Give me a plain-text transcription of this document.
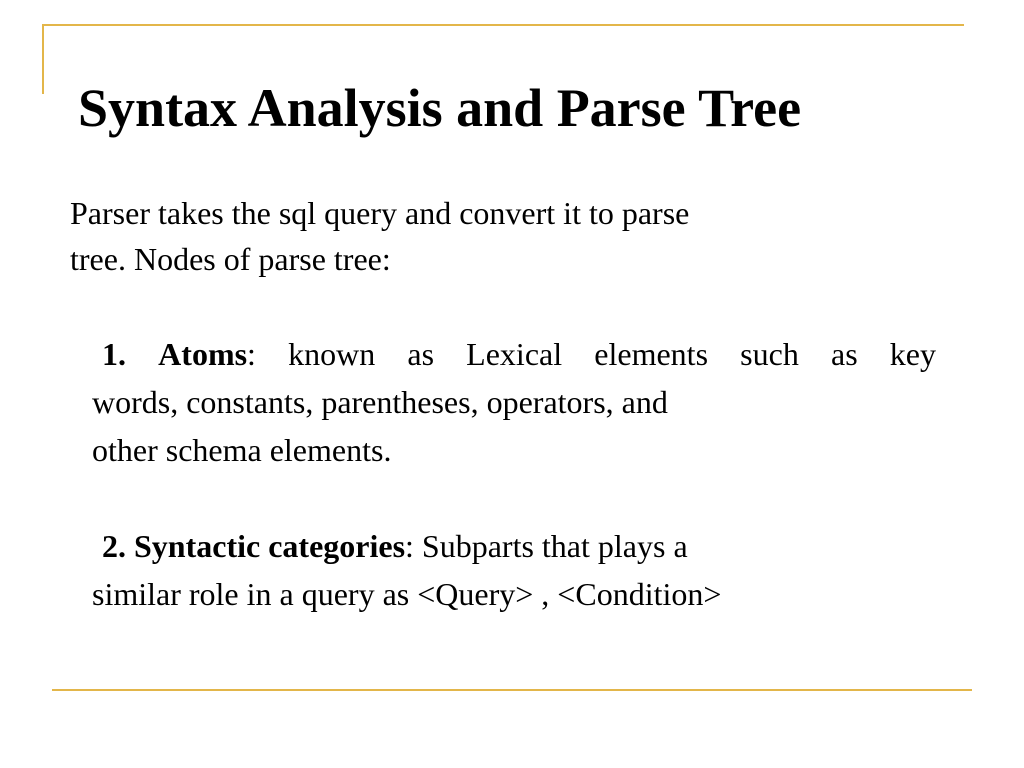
Syntax Analysis and Parse Tree
Parser takes the sql query and convert it to parse
tree. Nodes of parse tree:
1. Atoms: known as Lexical elements such as key
words, constants, parentheses, operators, and
other schema elements.
2. Syntactic categories: Subparts that plays a
similar role in a query as <Query> , <Condition>
